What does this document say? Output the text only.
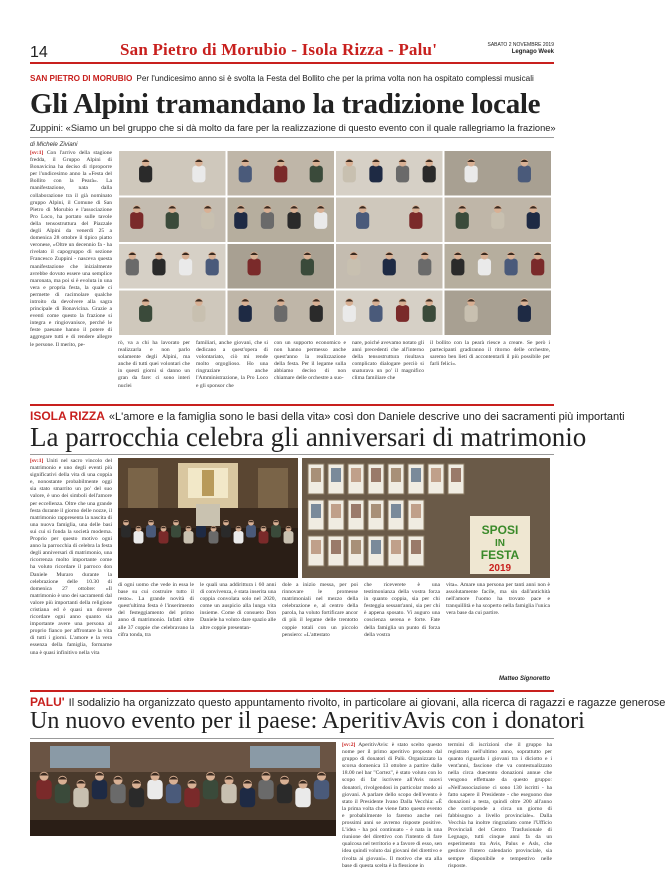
14	San Pietro di Morubio - Isola Rizza - Palu'	SABATO 2 NOVEMBRE 2019
Legnago Week
SAN PIETRO DI MORUBIO Per l'undicesimo anno si è svolta la Festa del Bollito che per la prima volta non ha ospitato complessi musicali
Gli Alpini tramandano la tradizione locale
Zuppini: «Siamo un bel gruppo che si dà molto da fare per la realizzazione di questo evento con il quale rallegriamo la frazione»
di Michele Ziviani
[sv:1] Con l'arrivo della stagione fredda, il Gruppo Alpini di Bonavicina ha deciso di riproporre per l'undicesimo anno la «Festa del Bollito con la Pearà». La manifestazione, nata dalla collaborazione tra il già nominato gruppo Alpini, il Comune di San Pietro di Morubio e l'associazione Pro Loco, ha portato sulle tavole della tensostruttura del Piazzale degli Alpini da venerdì 25 a domenica 28 ottobre il tipico piatto veronese, «Oltre un decennio fa - ha rivelato il capogruppo di sezione Francesco Zuppini - nasceva questa manifestazione che inizialmente avrebbe dovuto essere una semplice maronata, ma poi si è evoluta in una vera e propria festa, la quale ci permette di racimolare qualche introito da devolvere alla sagra principale di Bonavicina. Grazie a eventi come questo la frazione si integra e ringiovanisce, perché le feste paesane hanno il potere di aggregare tutti e di rendere allegre le persone. Il merito, pe-	rò, va a chi ha lavorato per realizzarla e non parlo solamente degli Alpini, ma anche di tutti quei volontari che in questi giorni si danno un gran da fare: ci sono interi nuclei
familiari, anche giovani, che si dedicano a quest'opera di volontariato, ciò mi rende molto orgoglioso. Ho una ringraziare anche l'Amministrazione, la Pro Loco e gli sponsor che
con un supporto economico e non hanno permesso anche quest'anno la realizzazione della festa. Per il legame sulla abbiamo deciso di non chiamare delle orchestre a suo-
nare, poiché avevamo notato gli anni precedenti che all'interno della tensostruttura risultava complicato dialogare perciò si snaturava un po' il magnifico clima familiare che
il bollito con la pearà riesce a creare. Se però i partecipanti gradiranno il ritorno delle orchestre, saremo ben lieti di accontentarli il più possibile per farli felici».
ISOLA RIZZA «L'amore e la famiglia sono le basi della vita» così don Daniele descrive uno dei sacramenti più importanti
La parrocchia celebra gli anniversari di matrimonio
[sv:1] Uniti nel sacro vincolo del matrimonio e uno degli eventi più significativi della vita di una coppia e, nonostante probabilmente oggi sia stato smarrito un po' del suo valore, è uno dei simboli dell'amore per eccellenza. Oltre che una grande festa durante il giorno delle nozze, il matrimonio rappresenta la nascita di una nuova famiglia, una delle basi sui cui si fonda la società moderna. Proprio per questo motivo ogni anno la parrocchia di celebra la festa degli anniversari di matrimonio, una ricorrenza molto importante come ha voluto ricordare il parroco don Daniele Murarо durante la celebrazione delle 10.30 di domenica 27 ottobre: «Il matrimonio è uno dei sacramenti dal valore più importanti della religione cristiana ed è quasi un dovere ricordare ogni anno quanto sia importante avere una persona al proprio fianco per affrontare la vita di tutti i giorni. L'amore e la vera essenza della famiglia, formarne una è quasi infinitivo nella vita
SPOSI
IN
FESTA
2019
di ogni uomo che vede in essa le base su cui costruire tutto il resto». La grande novità di quest'ultima festa è l'inserimento del festeggiamento del primo anno di matrimonio. Infatti oltre alle 37 coppie che celebravano la cifra tonda, tra
le quali una addirittura i 60 anni di convivenza, è stata inserita una coppia convolata solo nel 2020, come un auspicio alla lunga vita insieme. Come di consueto Don Daniele ha voluto dare spazio alle altre coppie presentan-
dole a inizio messa, per poi rinnovare le promesse matrimoniali nel mezzo della celebrazione e, al centro della parola, ha voluto fortificare ancor di più il legame delle trentotto coppie totali con un piccolo pensiero: «L'attestato
che riceverete è una testimonianza della vostra forza in quanto coppia, sia per chi festeggia sessant'anni, sia per chi è appena sposato. Vi auguro una coscienza serena e forte. Fate della famiglia un punto di forza della vostra
vita». Amare una persona per tanti anni non è assolutamente facile, ma sin dall'antichità nell'amore l'uomo ha trovato pace e tranquillità e ha scoperto nella famiglia l'unica vera base da cui partire.
Matteo Signoretto
PALU' Il sodalizio ha organizzato questo appuntamento rivolto, in particolare ai giovani, alla ricerca di ragazzi e ragazze generose
Un nuovo evento per il paese: AperitivAvis con i donatori
[sv:2] AperitivAvis: è stato scelto questo nome per il primo aperitivo proposto dal gruppo di donatori di Palù. Organizzato la scorsa domenica 13 ottobre a partire dalle 18.00 nel bar "Cortez", è stato voluto con lo scopo di far iscrivere all'Avis nuovi donatori, rivolgendosi in particolar modo ai giovani. A parlare dello scopo dell'evento è stato il Presidente Ivano Dalla Vecchia: «È la prima volta che viene fatto questo evento e probabilmente lo faremo anche nei prossimi anni se avremo risposte positive. L'idea - ha poi continuato - è nata in una riunione del direttivo con l'intento di fare qualcosa nel territorio e a favore di esso, sen idea quindi voluto dai giovani del direttivo e rivolta ai giovani». Il motivo che sta alla base di questa scelta è la flessione in
termini di iscrizioni che il gruppo ha registrato nell'ultimo anno, soprattutto per quanto riguarda i giovani tra i diciotto e i vent'anni, fascione che va contestualizzato nella circa duecento donazioni annue che vengono effettuate da questo gruppo: «Nell'associazione ci sono 130 iscritti - ha fatto sapere il Presidente - che eseguono due donazioni a testa, quindi oltre 200 all'anno che corrisponde a circa un giorno di fabbisogno a livello provinciale». Dalla Vecchia ha inoltre ringraziato come l'Ufficio Provinciali del Centro Trasfusionale di Legnago, tutti cinque anni fa da un esperimento tra Avis, Palus e Asls, che gestisce l'intero calendario provinciale, sia sempre disponibile e tempestivo nelle risposte.
